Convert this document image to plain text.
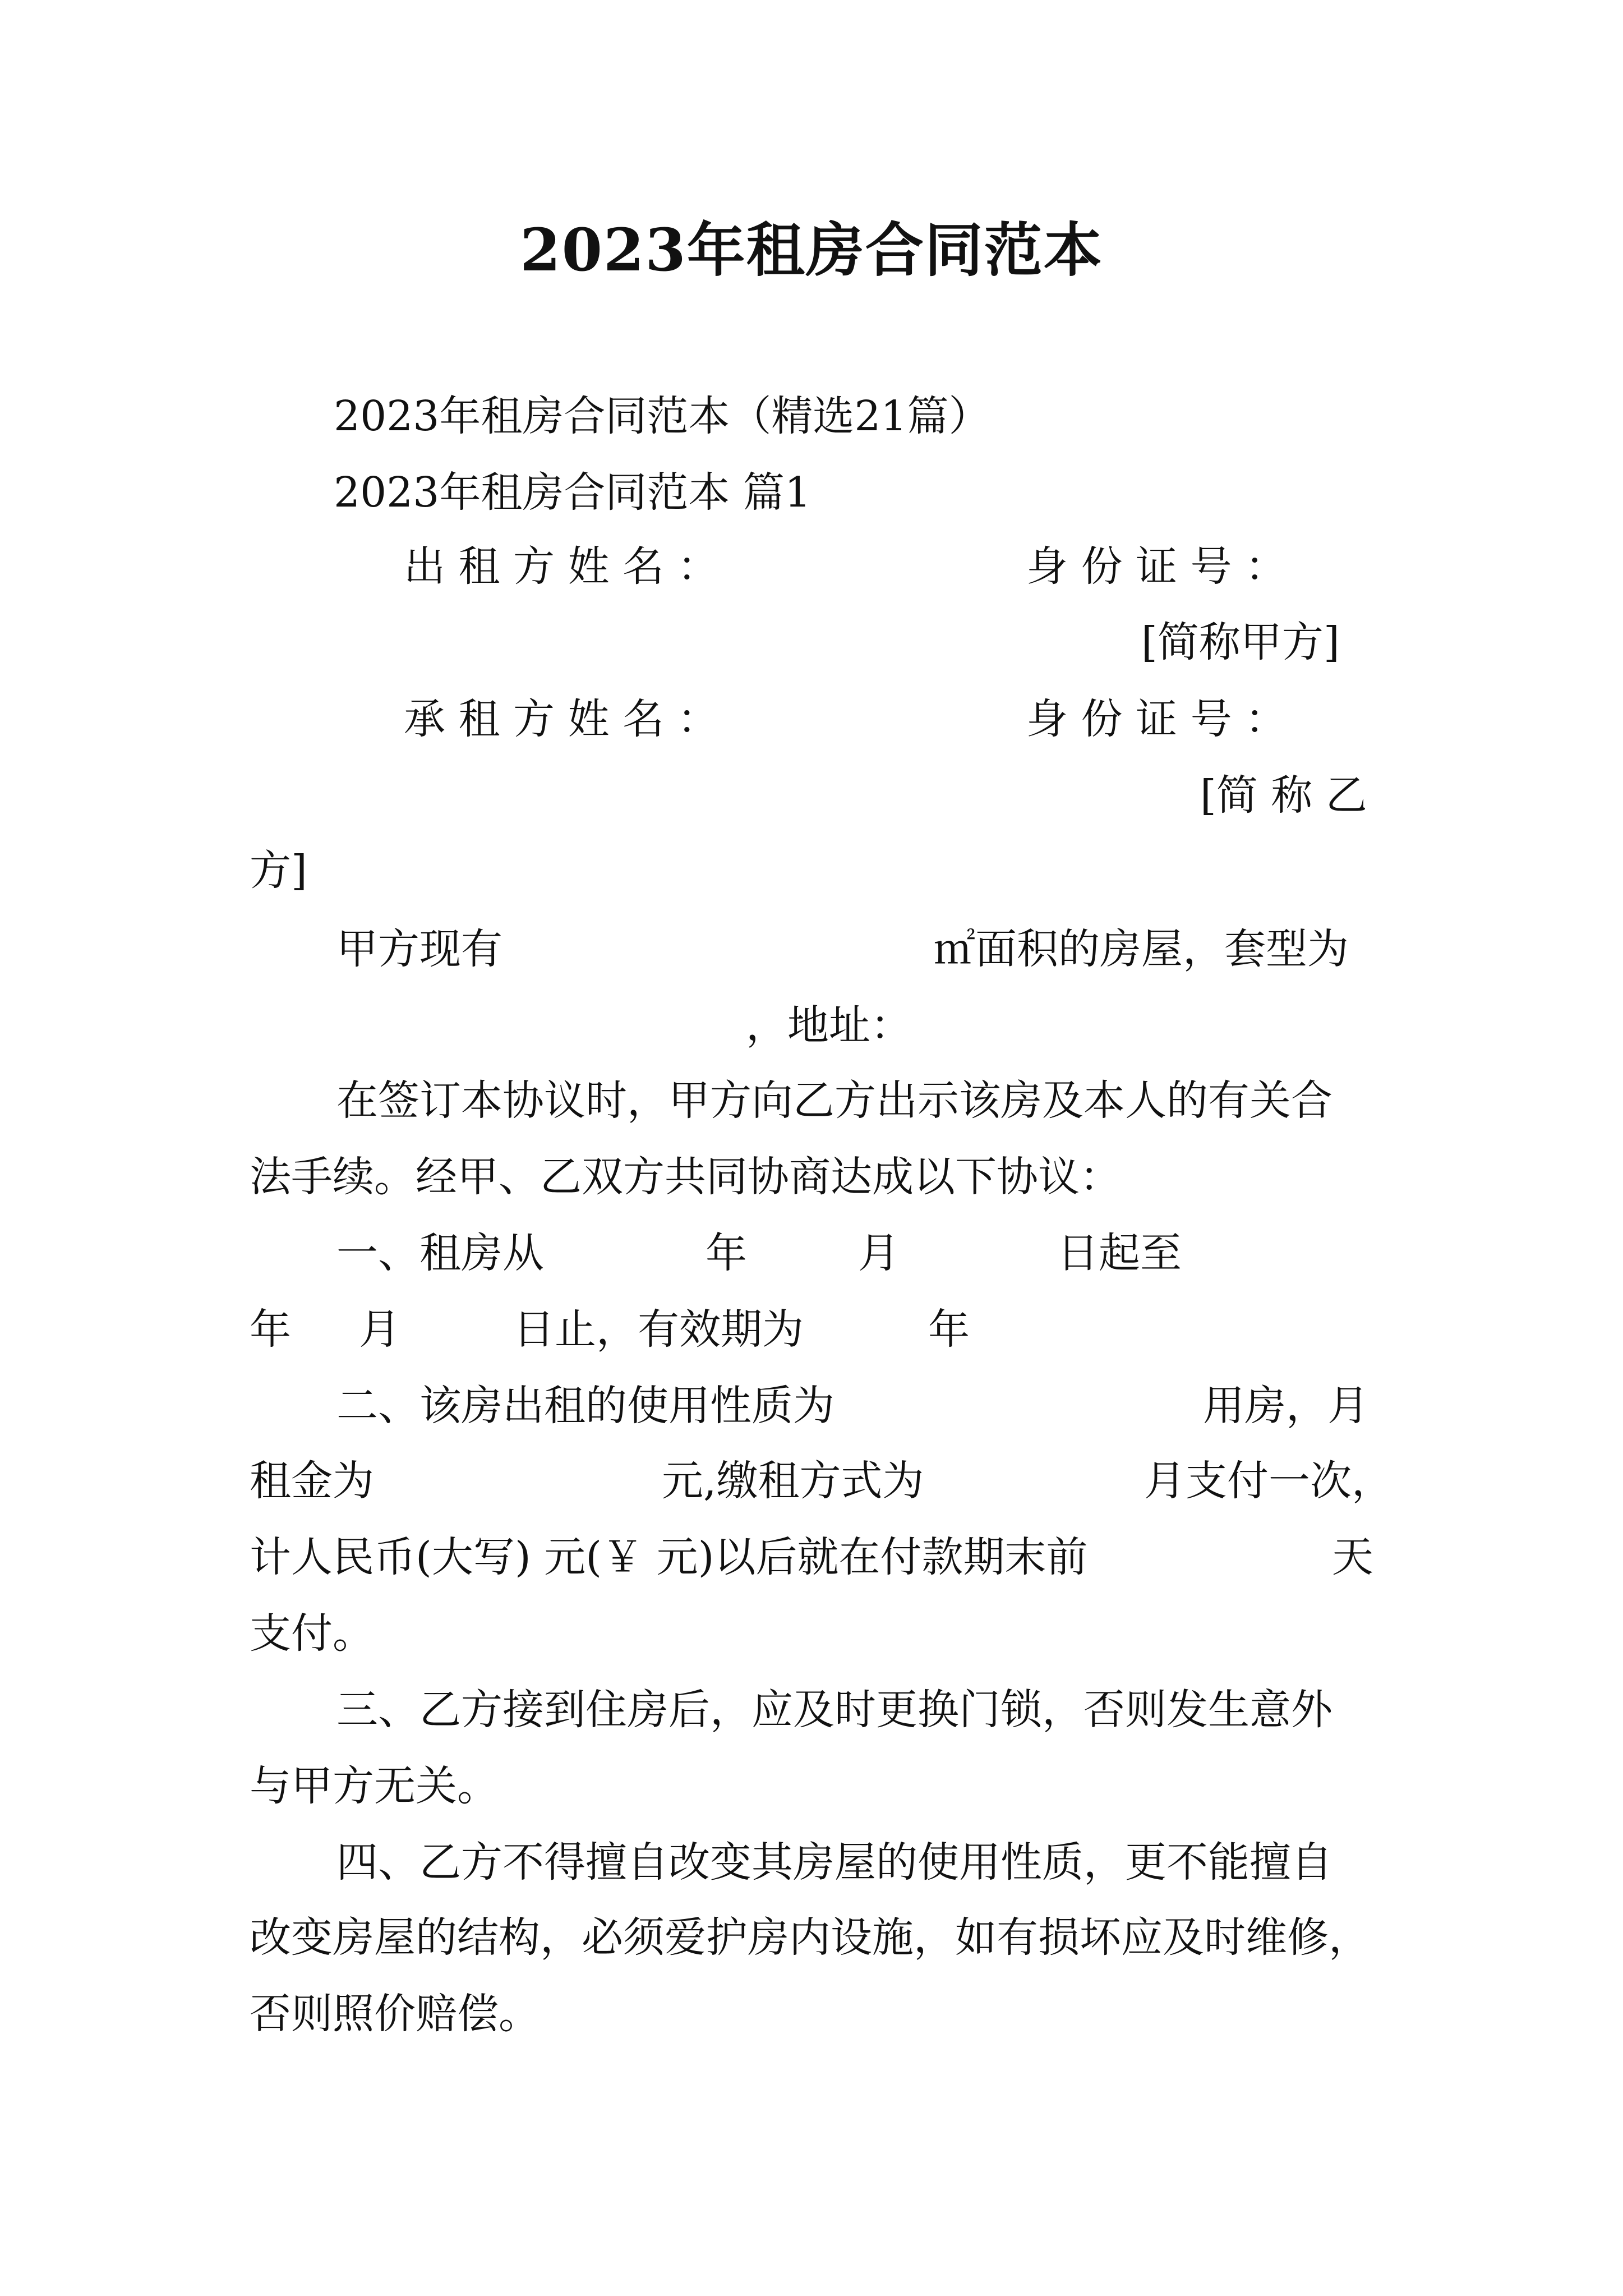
2023年租房合同范本
2023年租房合同范本（精选21篇）
2023年租房合同范本 篇1
出 租 方 姓 名 ：	身 份 证 号 ：
[简称甲方]
承 租 方 姓 名 ：	身 份 证 号 ：
[简 称 乙
方]
甲方现有	㎡面积的房屋，套型为
，地址：
在签订本协议时，甲方向乙方出示该房及本人的有关合
法手续。经甲、乙双方共同协商达成以下协议：
一、租房从	年	月	日起至
年 月	日止，有效期为	年
二、该房出租的使用性质为	用房，月
租金为	元,缴租方式为	月支付一次，
计人民币(大写) 元(￥ 元)以后就在付款期末前	天
支付。
三、乙方接到住房后，应及时更换门锁，否则发生意外
与甲方无关。
四、乙方不得擅自改变其房屋的使用性质，更不能擅自
改变房屋的结构，必须爱护房内设施，如有损坏应及时维修，
否则照价赔偿。
